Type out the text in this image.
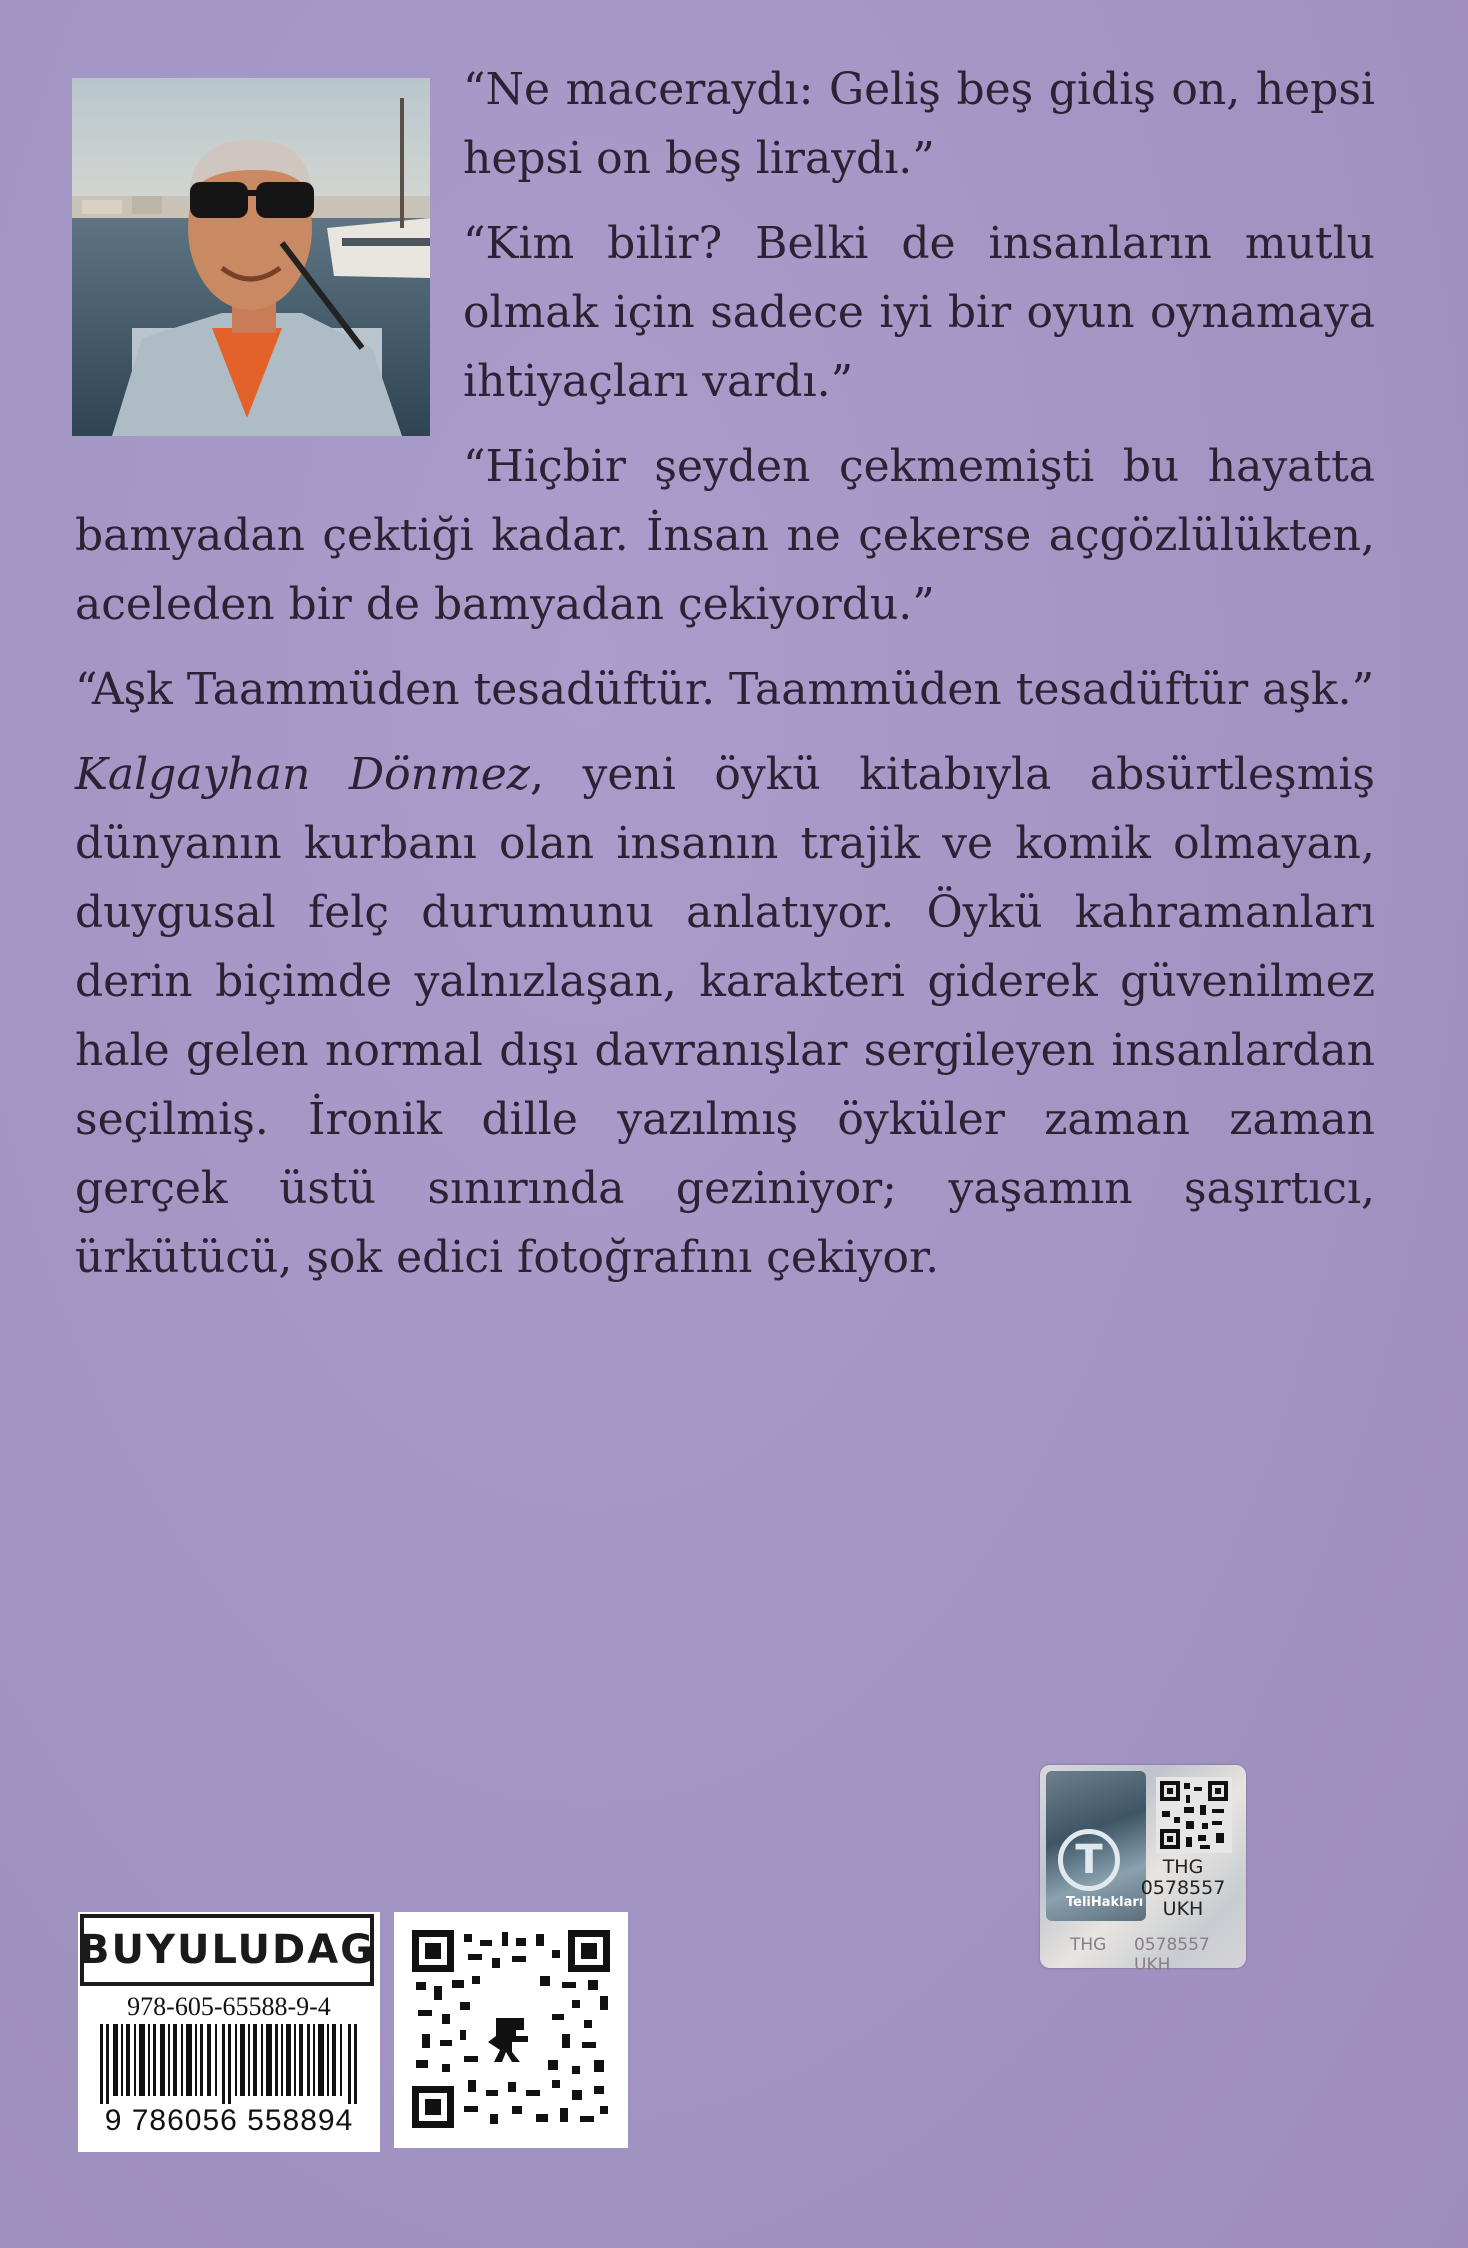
“Ne maceraydı: Geliş beş gidiş on, hepsi hepsi on beş liraydı.”

“Kim bilir? Belki de insanların mutlu olmak için sadece iyi bir oyun oynamaya ihtiyaçları vardı.”

“Hiçbir şeyden çekmemişti bu hayatta bamyadan çektiği kadar. İnsan ne çekerse açgözlülükten, aceleden bir de bamyadan çekiyordu.”

“Aşk Taammüden tesadüftür. Taammüden tesadüftür aşk.”

Kalgayhan Dönmez, yeni öykü kitabıyla absürtleşmiş dünyanın kurbanı olan insanın trajik ve komik olmayan, duygusal felç durumunu anlatıyor. Öykü kahramanları derin biçimde yalnızlaşan, karakteri giderek güvenilmez hale gelen normal dışı davranışlar sergileyen insanlardan seçilmiş. İronik dille yazılmış öyküler zaman zaman gerçek üstü sınırında geziniyor; yaşamın şaşırtıcı, ürkütücü, şok edici fotoğrafını çekiyor.

T
TeliHakları
THG
0578557
UKH
THG 0578557 UKH
BUYULUDAG
978-605-65588-9-4
9 786056 558894
